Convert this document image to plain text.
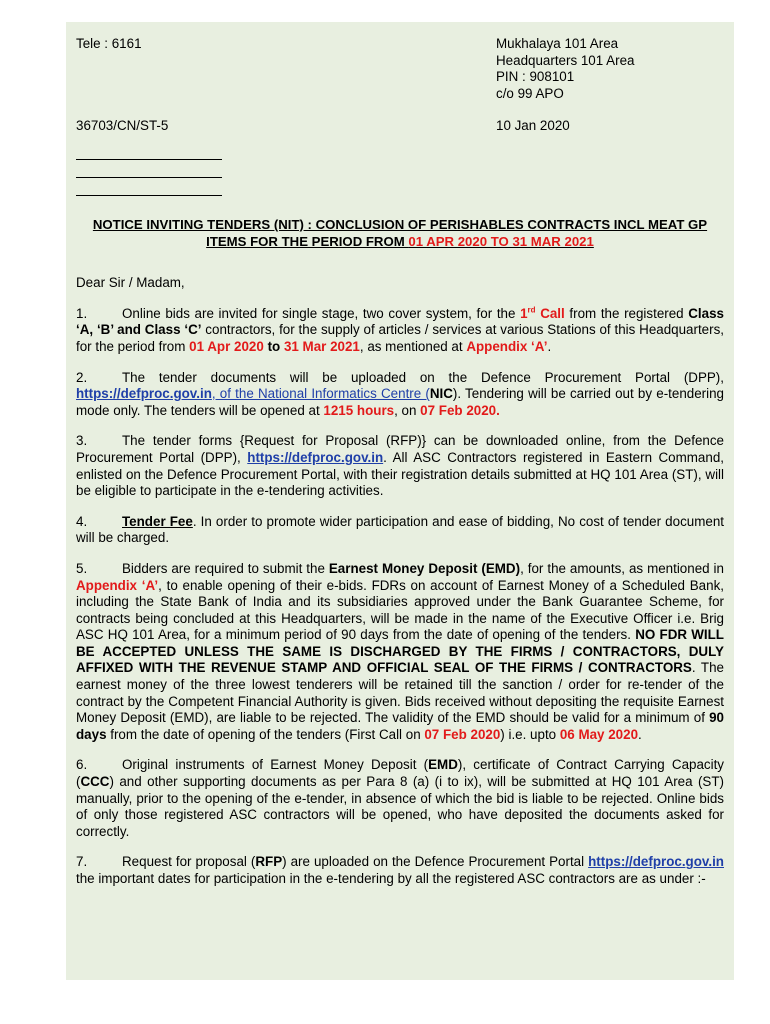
Tele : 6161	Mukhalaya 101 Area
Headquarters 101 Area
PIN : 908101
c/o 99 APO
36703/CN/ST-5	10 Jan 2020
NOTICE INVITING TENDERS (NIT) : CONCLUSION OF PERISHABLES CONTRACTS INCL MEAT GP ITEMS FOR THE PERIOD FROM 01 APR 2020 TO 31 MAR 2021

Dear Sir / Madam,

1.	Online bids are invited for single stage, two cover system, for the 1rd Call from the registered Class ‘A, ‘B’ and Class ‘C’ contractors, for the supply of articles / services at various Stations of this Headquarters, for the period from 01 Apr 2020 to 31 Mar 2021, as mentioned at Appendix ‘A’.

2.	The tender documents will be uploaded on the Defence Procurement Portal (DPP), https://defproc.gov.in, of the National Informatics Centre (NIC). Tendering will be carried out by e-tendering mode only. The tenders will be opened at 1215 hours, on 07 Feb 2020.

3.	The tender forms {Request for Proposal (RFP)} can be downloaded online, from the Defence Procurement Portal (DPP), https://defproc.gov.in. All ASC Contractors registered in Eastern Command, enlisted on the Defence Procurement Portal, with their registration details submitted at HQ 101 Area (ST), will be eligible to participate in the e-tendering activities.

4.	Tender Fee. In order to promote wider participation and ease of bidding, No cost of tender document will be charged.

5.	Bidders are required to submit the Earnest Money Deposit (EMD), for the amounts, as mentioned in Appendix ‘A’, to enable opening of their e-bids. FDRs on account of Earnest Money of a Scheduled Bank, including the State Bank of India and its subsidiaries approved under the Bank Guarantee Scheme, for contracts being concluded at this Headquarters, will be made in the name of the Executive Officer i.e. Brig ASC HQ 101 Area, for a minimum period of 90 days from the date of opening of the tenders. NO FDR WILL BE ACCEPTED UNLESS THE SAME IS DISCHARGED BY THE FIRMS / CONTRACTORS, DULY AFFIXED WITH THE REVENUE STAMP AND OFFICIAL SEAL OF THE FIRMS / CONTRACTORS. The earnest money of the three lowest tenderers will be retained till the sanction / order for re-tender of the contract by the Competent Financial Authority is given. Bids received without depositing the requisite Earnest Money Deposit (EMD), are liable to be rejected. The validity of the EMD should be valid for a minimum of 90 days from the date of opening of the tenders (First Call on 07 Feb 2020) i.e. upto 06 May 2020.

6.	Original instruments of Earnest Money Deposit (EMD), certificate of Contract Carrying Capacity (CCC) and other supporting documents as per Para 8 (a) (i to ix), will be submitted at HQ 101 Area (ST) manually, prior to the opening of the e-tender, in absence of which the bid is liable to be rejected. Online bids of only those registered ASC contractors will be opened, who have deposited the documents asked for correctly.

7.	Request for proposal (RFP) are uploaded on the Defence Procurement Portal https://defproc.gov.in the important dates for participation in the e-tendering by all the registered ASC contractors are as under :-
